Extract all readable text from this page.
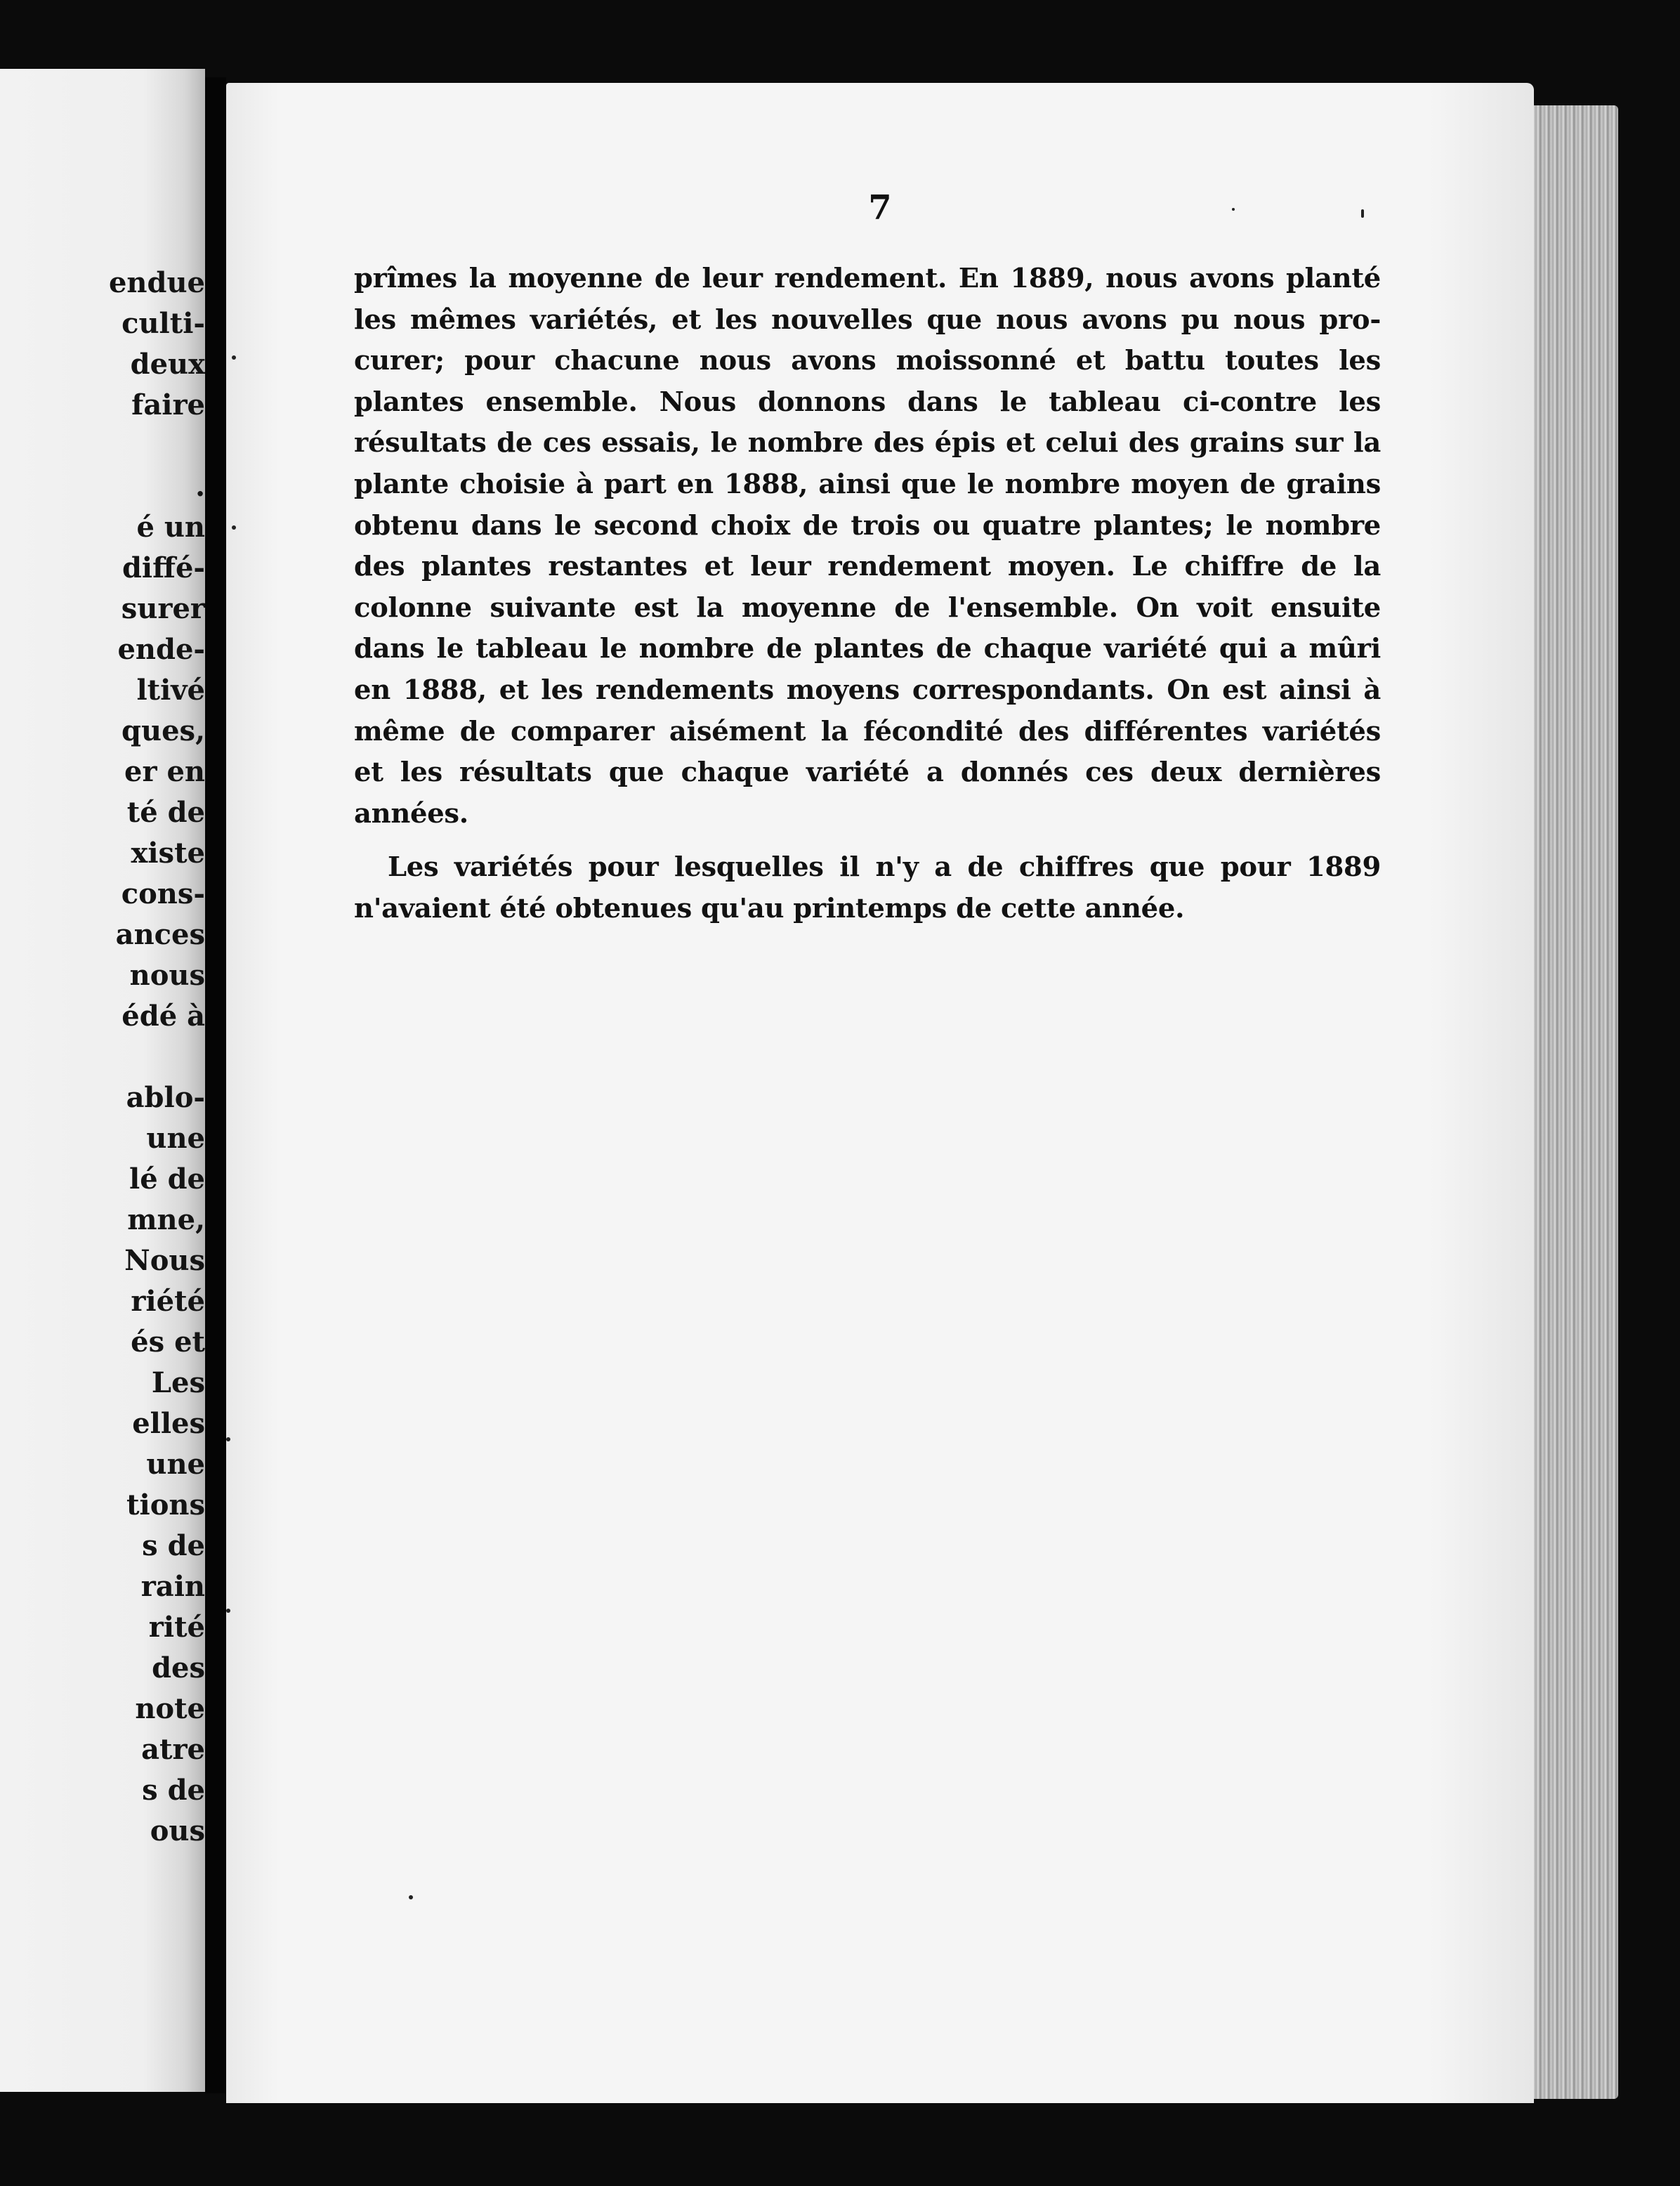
endue
culti-
deux
faire
.
é un
diffé-
surer
ende-
ltivé
ques,
er en
té de
xiste
cons-
ances
nous
édé à
ablo-
une
lé de
mne,
Nous
riété
és et
Les
elles
une
tions
s de
rain
rité
des
note
atre
s de
ous
7

prîmes la moyenne de leur rendement. En 1889, nous avons planté
les mêmes variétés, et les nouvelles que nous avons pu nous pro-
curer; pour chacune nous avons moissonné et battu toutes les
plantes ensemble. Nous donnons dans le tableau ci-contre les
résultats de ces essais, le nombre des épis et celui des grains sur la
plante choisie à part en 1888, ainsi que le nombre moyen de grains
obtenu dans le second choix de trois ou quatre plantes; le nombre
des plantes restantes et leur rendement moyen. Le chiffre de la
colonne suivante est la moyenne de l'ensemble. On voit ensuite
dans le tableau le nombre de plantes de chaque variété qui a mûri
en 1888, et les rendements moyens correspondants. On est ainsi à
même de comparer aisément la fécondité des différentes variétés
et les résultats que chaque variété a donnés ces deux dernières
années.

Les variétés pour lesquelles il n'y a de chiffres que pour 1889
n'avaient été obtenues qu'au printemps de cette année.
